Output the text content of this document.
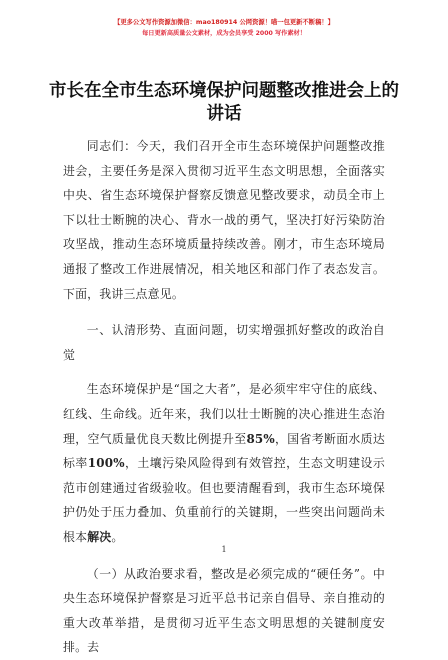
【更多公文写作资源加微信：mao180914 公网资源！喵一包更新不断稿！】
每日更新高质量公文素材，成为会员享受 2000 写作素材！
市长在全市生态环境保护问题整改推进会上的
讲话

同志们：今天，我们召开全市生态环境保护问题整改推进会，主要任务是深入贯彻习近平生态文明思想，全面落实中央、省生态环境保护督察反馈意见整改要求，动员全市上下以壮士断腕的决心、背水一战的勇气，坚决打好污染防治攻坚战，推动生态环境质量持续改善。刚才，市生态环境局通报了整改工作进展情况，相关地区和部门作了表态发言。下面，我讲三点意见。

一、认清形势、直面问题，切实增强抓好整改的政治自觉

生态环境保护是“国之大者”，是必须牢牢守住的底线、红线、生命线。近年来，我们以壮士断腕的决心推进生态治理，空气质量优良天数比例提升至85%，国省考断面水质达标率100%，土壤污染风险得到有效管控，生态文明建设示范市创建通过省级验收。但也要清醒看到，我市生态环境保护仍处于压力叠加、负重前行的关键期，一些突出问题尚未根本解决。

（一）从政治要求看，整改是必须完成的“硬任务”。中央生态环境保护督察是习近平总书记亲自倡导、亲自推动的重大改革举措，是贯彻习近平生态文明思想的关键制度安排。去

1
